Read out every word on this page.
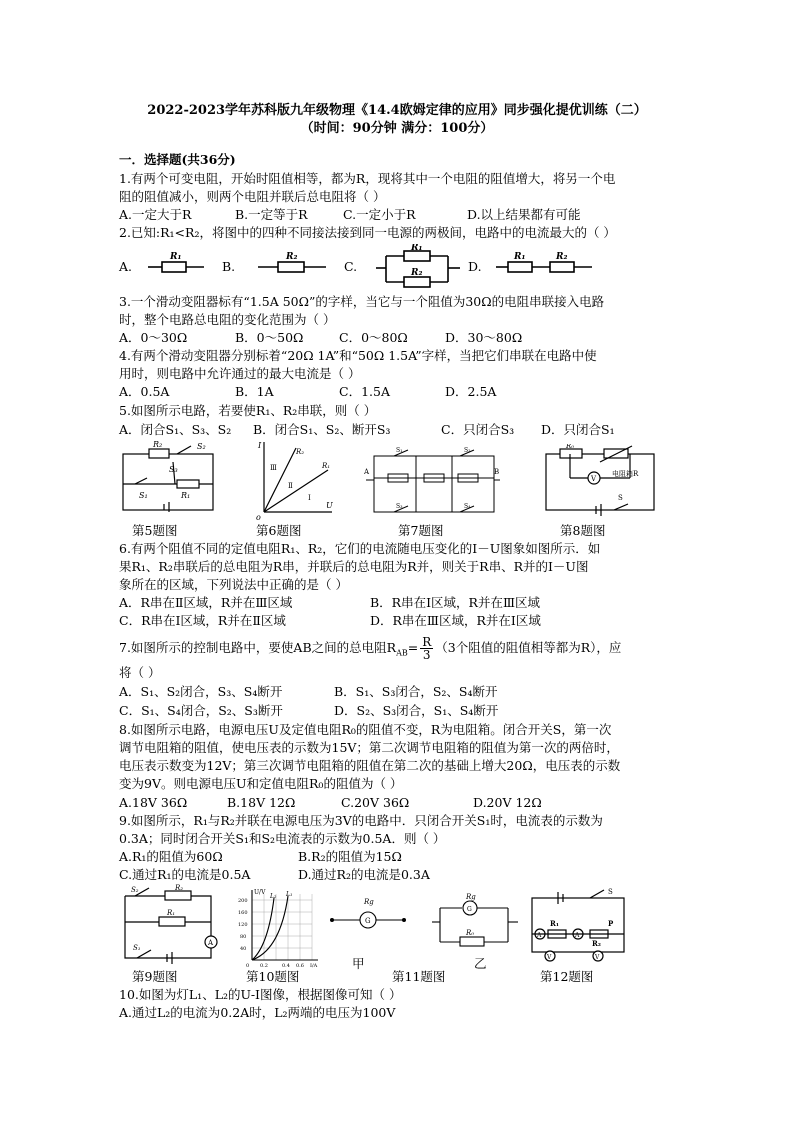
2022-2023学年苏科版九年级物理《14.4欧姆定律的应用》同步强化提优训练（二）
（时间：90分钟 满分：100分）
一．选择题(共36分)
1.有两个可变电阻，开始时阻值相等，都为R，现将其中一个电阻的阻值增大，将另一个电
阻的阻值减小，则两个电阻并联后总电阻将（ ）
A.一定大于R	B.一定等于R	C.一定小于R	D.以上结果都有可能
2.已知:R₁<R₂，将图中的四种不同接法接到同一电源的两极间，电路中的电流最大的（ ）
A.	B.	C.	D.
R₁	R₂
R₁
R₂
R₁	R₂
3.一个滑动变阻器标有“1.5A 50Ω”的字样，当它与一个阻值为30Ω的电阻串联接入电路
时，整个电路总电阻的变化范围为（ ）
A．0～30Ω	B．0～50Ω	C．0～80Ω	D．30～80Ω
4.有两个滑动变阻器分别标着“20Ω 1A”和“50Ω 1.5A”字样，当把它们串联在电路中使
用时，则电路中允许通过的最大电流是（ ）
A．0.5A	B．1A	C．1.5A	D．2.5A
5.如图所示电路，若要使R₁、R₂串联，则（ ）
A．闭合S₁、S₃、S₂	B．闭合S₁、S₂、断开S₃	C．只闭合S₃	D．只闭合S₁
R₂	S₂
S₃
S₁	R₁
I
U
o
R₂
R₁
Ⅲ
Ⅱ
Ⅰ
A	B
S₁	S₂
S₃	S₄
R₀
V
电阻箱R
S
第5题图	第6题图	第7题图	第8题图
6.有两个阻值不同的定值电阻R₁、R₂，它们的电流随电压变化的I－U图象如图所示．如
果R₁、R₂串联后的总电阻为R串，并联后的总电阻为R并，则关于R串、R并的I－U图
象所在的区域，下列说法中正确的是（ ）
A．R串在Ⅱ区域，R并在Ⅲ区域	B．R串在Ⅰ区域，R并在Ⅲ区域
C．R串在Ⅰ区域，R并在Ⅱ区域	D．R串在Ⅲ区域，R并在Ⅰ区域
7.如图所示的控制电路中，要使AB之间的总电阻$R_{AB}= \frac{R}{3} (3$个阻值的阻值相等都为R），应
将（ ）
A．S₁、S₂闭合，S₃、S₄断开	B．S₁、S₃闭合，S₂、S₄断开
C．S₁、S₄闭合，S₂、S₃断开	D．S₂、S₃闭合，S₁、S₄断开
8.如图所示电路，电源电压U及定值电阻R₀的阻值不变，R为电阻箱。闭合开关S，第一次
调节电阻箱的阻值，使电压表的示数为15V；第二次调节电阻箱的阻值为第一次的两倍时，
电压表示数变为12V；第三次调节电阻箱的阻值在第二次的基础上增大20Ω，电压表的示数
变为9V。则电源电压U和定值电阻R₀的阻值为（ ）
A.18V 36Ω	B.18V 12Ω	C.20V 36Ω	D.20V 12Ω
9.如图所示，R₁与R₂并联在电源电压为3V的电路中．只闭合开关S₁时，电流表的示数为
0.3A；同时闭合开关S₁和S₂电流表的示数为0.5A．则（ ）
A.R₁的阻值为60Ω	B.R₂的阻值为15Ω
C.通过R₁的电流是0.5A	D.通过R₂的电流是0.3A
S₂	R₂
R₁
S₁
A
U/V
200
160
120
80
40
0 0.2	0.4 0.6 I/A
L₂ L₁
Rg
G
Rg
G
R₀
S
R₁
R₂
P
A	A
V	V
第9题图	第10题图
甲
第11题图
乙
第12题图
10.如图为灯L₁、L₂的U-I图像，根据图像可知（ ）
A.通过L₂的电流为0.2A时，L₂两端的电压为100V
